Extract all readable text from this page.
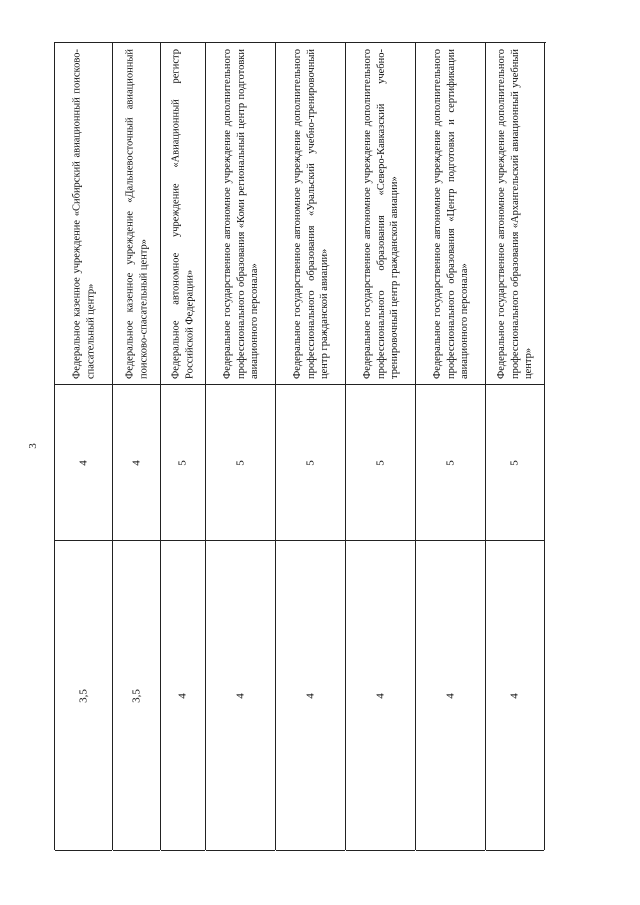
3
Федеральное казенное учреждение «Сибирский авиационный поисково-спасательный центр»
4
3,5
Федеральное казенное учреждение «Дальневосточный авиационный поисково-спасательный центр»
4
3,5
Федеральное автономное учреждение «Авиационный регистр Российской Федерации»
5
4
Федеральное государственное автономное учреждение дополнительного профессионального образования «Коми региональный центр подготовки авиационного персонала»
5
4
Федеральное государственное автономное учреждение дополнительного профессионального образования «Уральский учебно-тренировочный центр гражданской авиации»
5
4
Федеральное государственное автономное учреждение дополнительного профессионального образования «Северо-Кавказский учебно-тренировочный центр гражданской авиации»
5
4
Федеральное государственное автономное учреждение дополнительного профессионального образования «Центр подготовки и сертификации авиационного персонала»
5
4
Федеральное государственное автономное учреждение дополнительного профессионального образования «Архангельский авиационный учебный центр»
5
4
